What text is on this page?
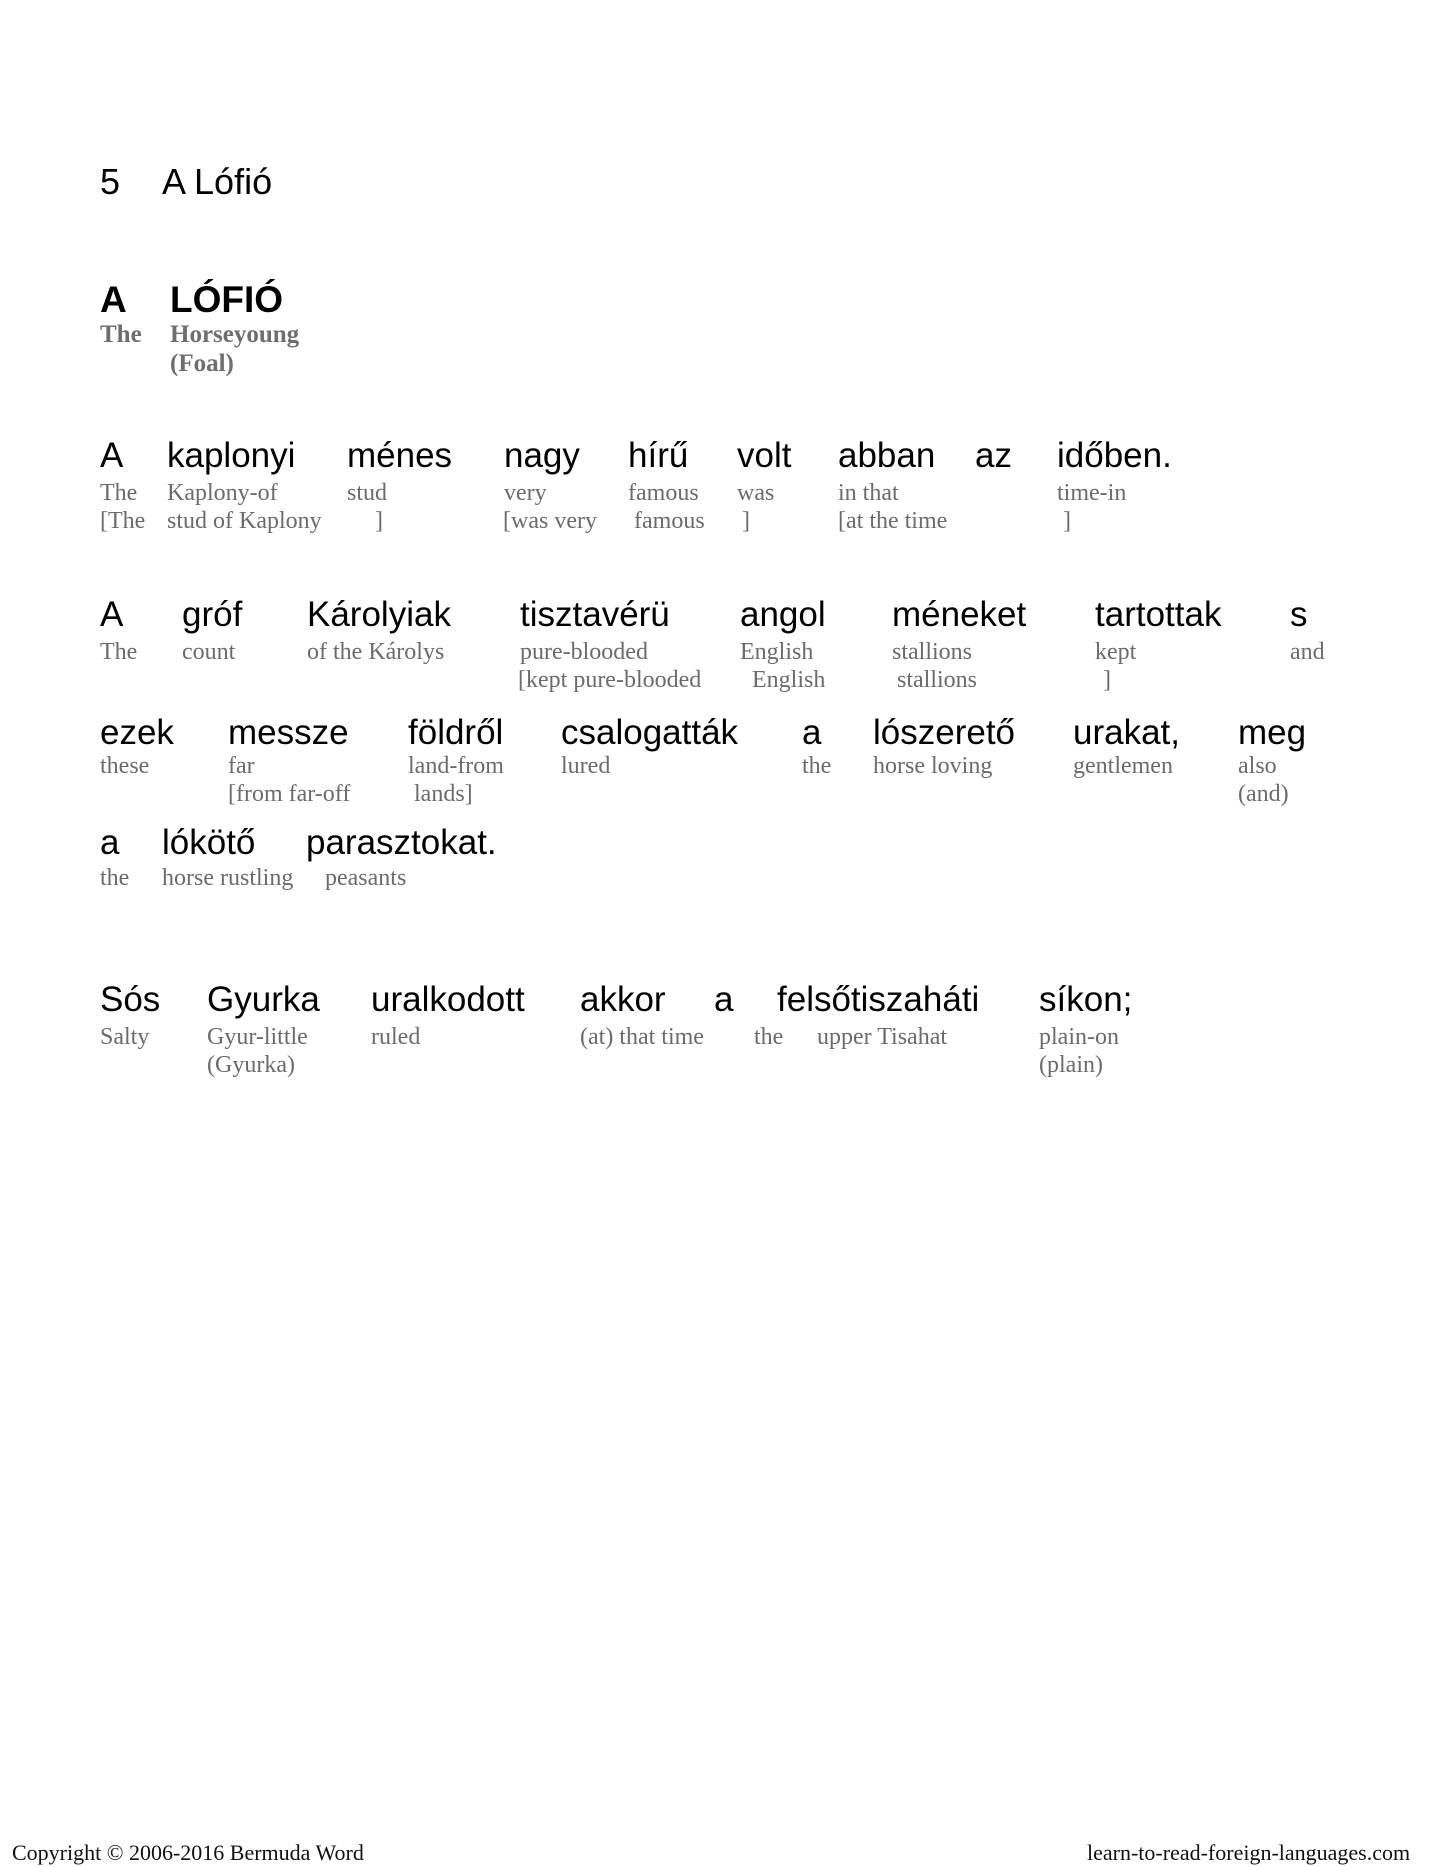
5 A Lófió
A
The
LÓFIÓ
Horseyoung
(Foal)
A
The
[The
kaplonyi
Kaplony-of
stud of Kaplony
ménes
stud
]
nagy
very
[was very
hírű
famous
famous
volt
was
]
abban
in that
[at the time
az időben.
time-in
]
A
The
gróf
count
Károlyiak
of the Károlys
tisztavérü
pure-blooded
[kept pure-blooded
angol
English
English
méneket
stallions
stallions
tartottak
kept
]
s
and
ezek
these
messze
far
[from far-off
földről
land-from
lands]
csalogatták
lured
a
the
lószerető
horse loving
urakat,
gentlemen
meg
also
(and)
a
the
lókötő
horse rustling
parasztokat.
peasants
Sós
Salty
Gyurka
Gyur-little
(Gyurka)
uralkodott
ruled
akkor
(at) that time
a
the
felsőtiszaháti
upper Tisahat
síkon;
plain-on
(plain)
Copyright © 2006-2016 Bermuda Word	learn-to-read-foreign-languages.com
